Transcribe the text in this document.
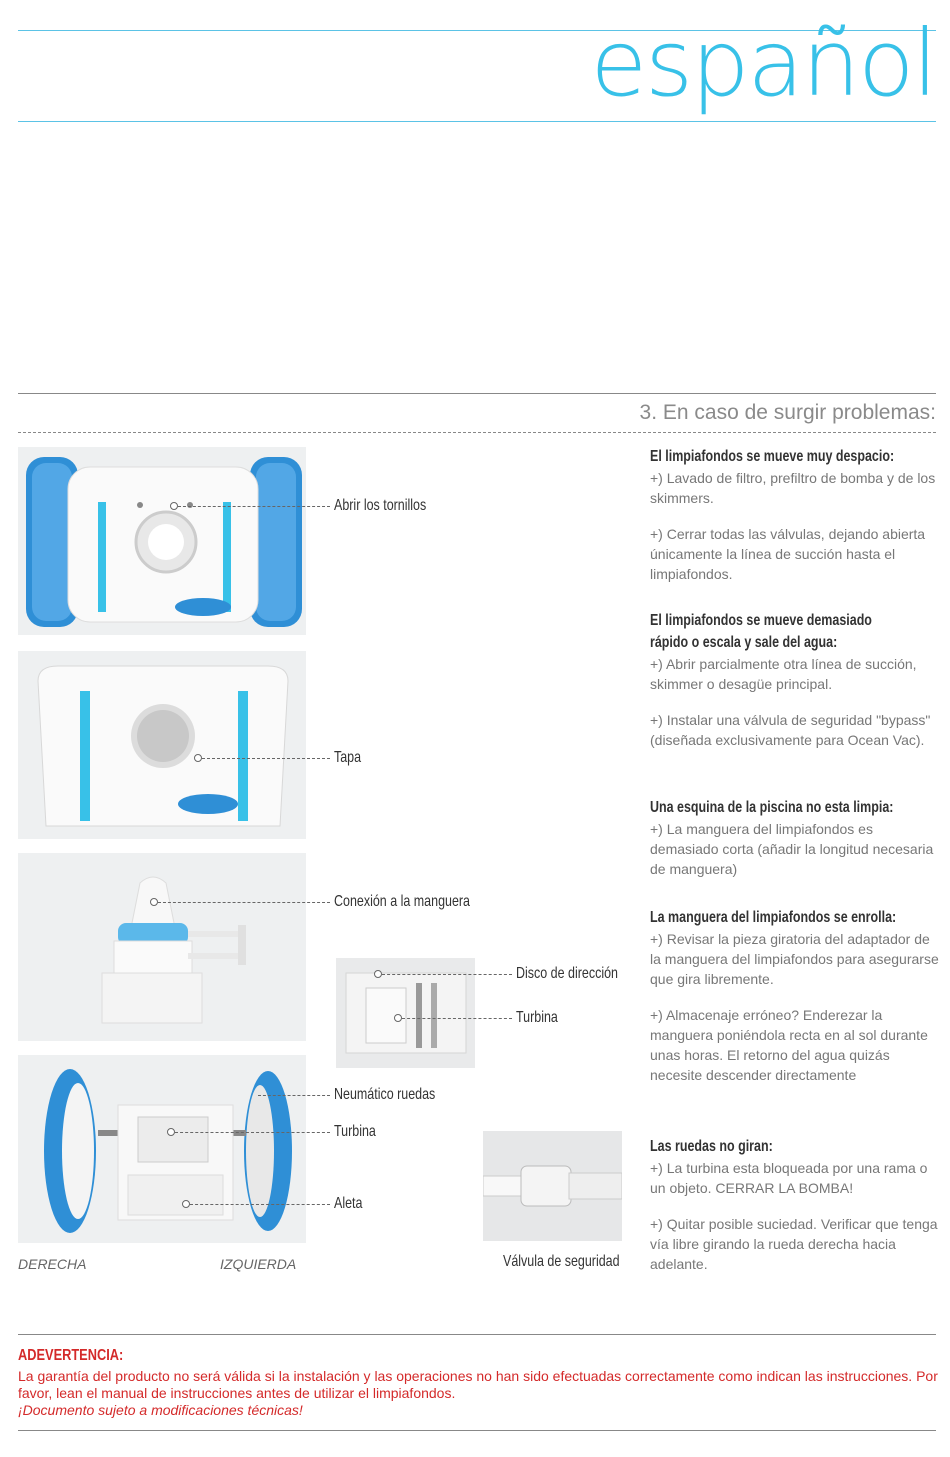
español
3. En caso de surgir problemas:
Abrir los tornillos
Tapa
Conexión a la manguera
Neumático ruedas
Turbina
Aleta
DERECHA	IZQUIERDA
Disco de dirección
Turbina
Válvula de seguridad
El limpiafondos se mueve muy despacio:

+) Lavado de filtro, prefiltro de bomba y de los skimmers.

+) Cerrar todas las válvulas, dejando abierta únicamente la línea de succión hasta el limpiafondos.

El limpiafondos se mueve demasiado rápido o escala y sale del agua:

+) Abrir parcialmente otra línea de succión, skimmer o desagüe principal.

+) Instalar una válvula de seguridad "bypass" (diseñada exclusivamente para Ocean Vac).

Una esquina de la piscina no esta limpia:

+) La manguera del limpiafondos es demasiado corta (añadir la longitud necesaria de manguera)

La manguera del limpiafondos se enrolla:

+) Revisar la pieza giratoria del adaptador de la manguera del limpiafondos para asegurarse que gira libremente.

+) Almacenaje erróneo? Enderezar la manguera poniéndola recta en al sol durante unas horas. El retorno del agua quizás necesite descender directamente

Las ruedas no giran:

+) La turbina esta bloqueada por una rama o un objeto. CERRAR LA BOMBA!

+) Quitar posible suciedad. Verificar que tenga vía libre girando la rueda derecha hacia adelante.

ADEVERTENCIA:
La garantía del producto no será válida si la instalación y las operaciones no han sido efectuadas correctamente como indican las instrucciones. Por favor, lean el manual de instrucciones antes de utilizar el limpiafondos.
¡Documento sujeto a modificaciones técnicas!
